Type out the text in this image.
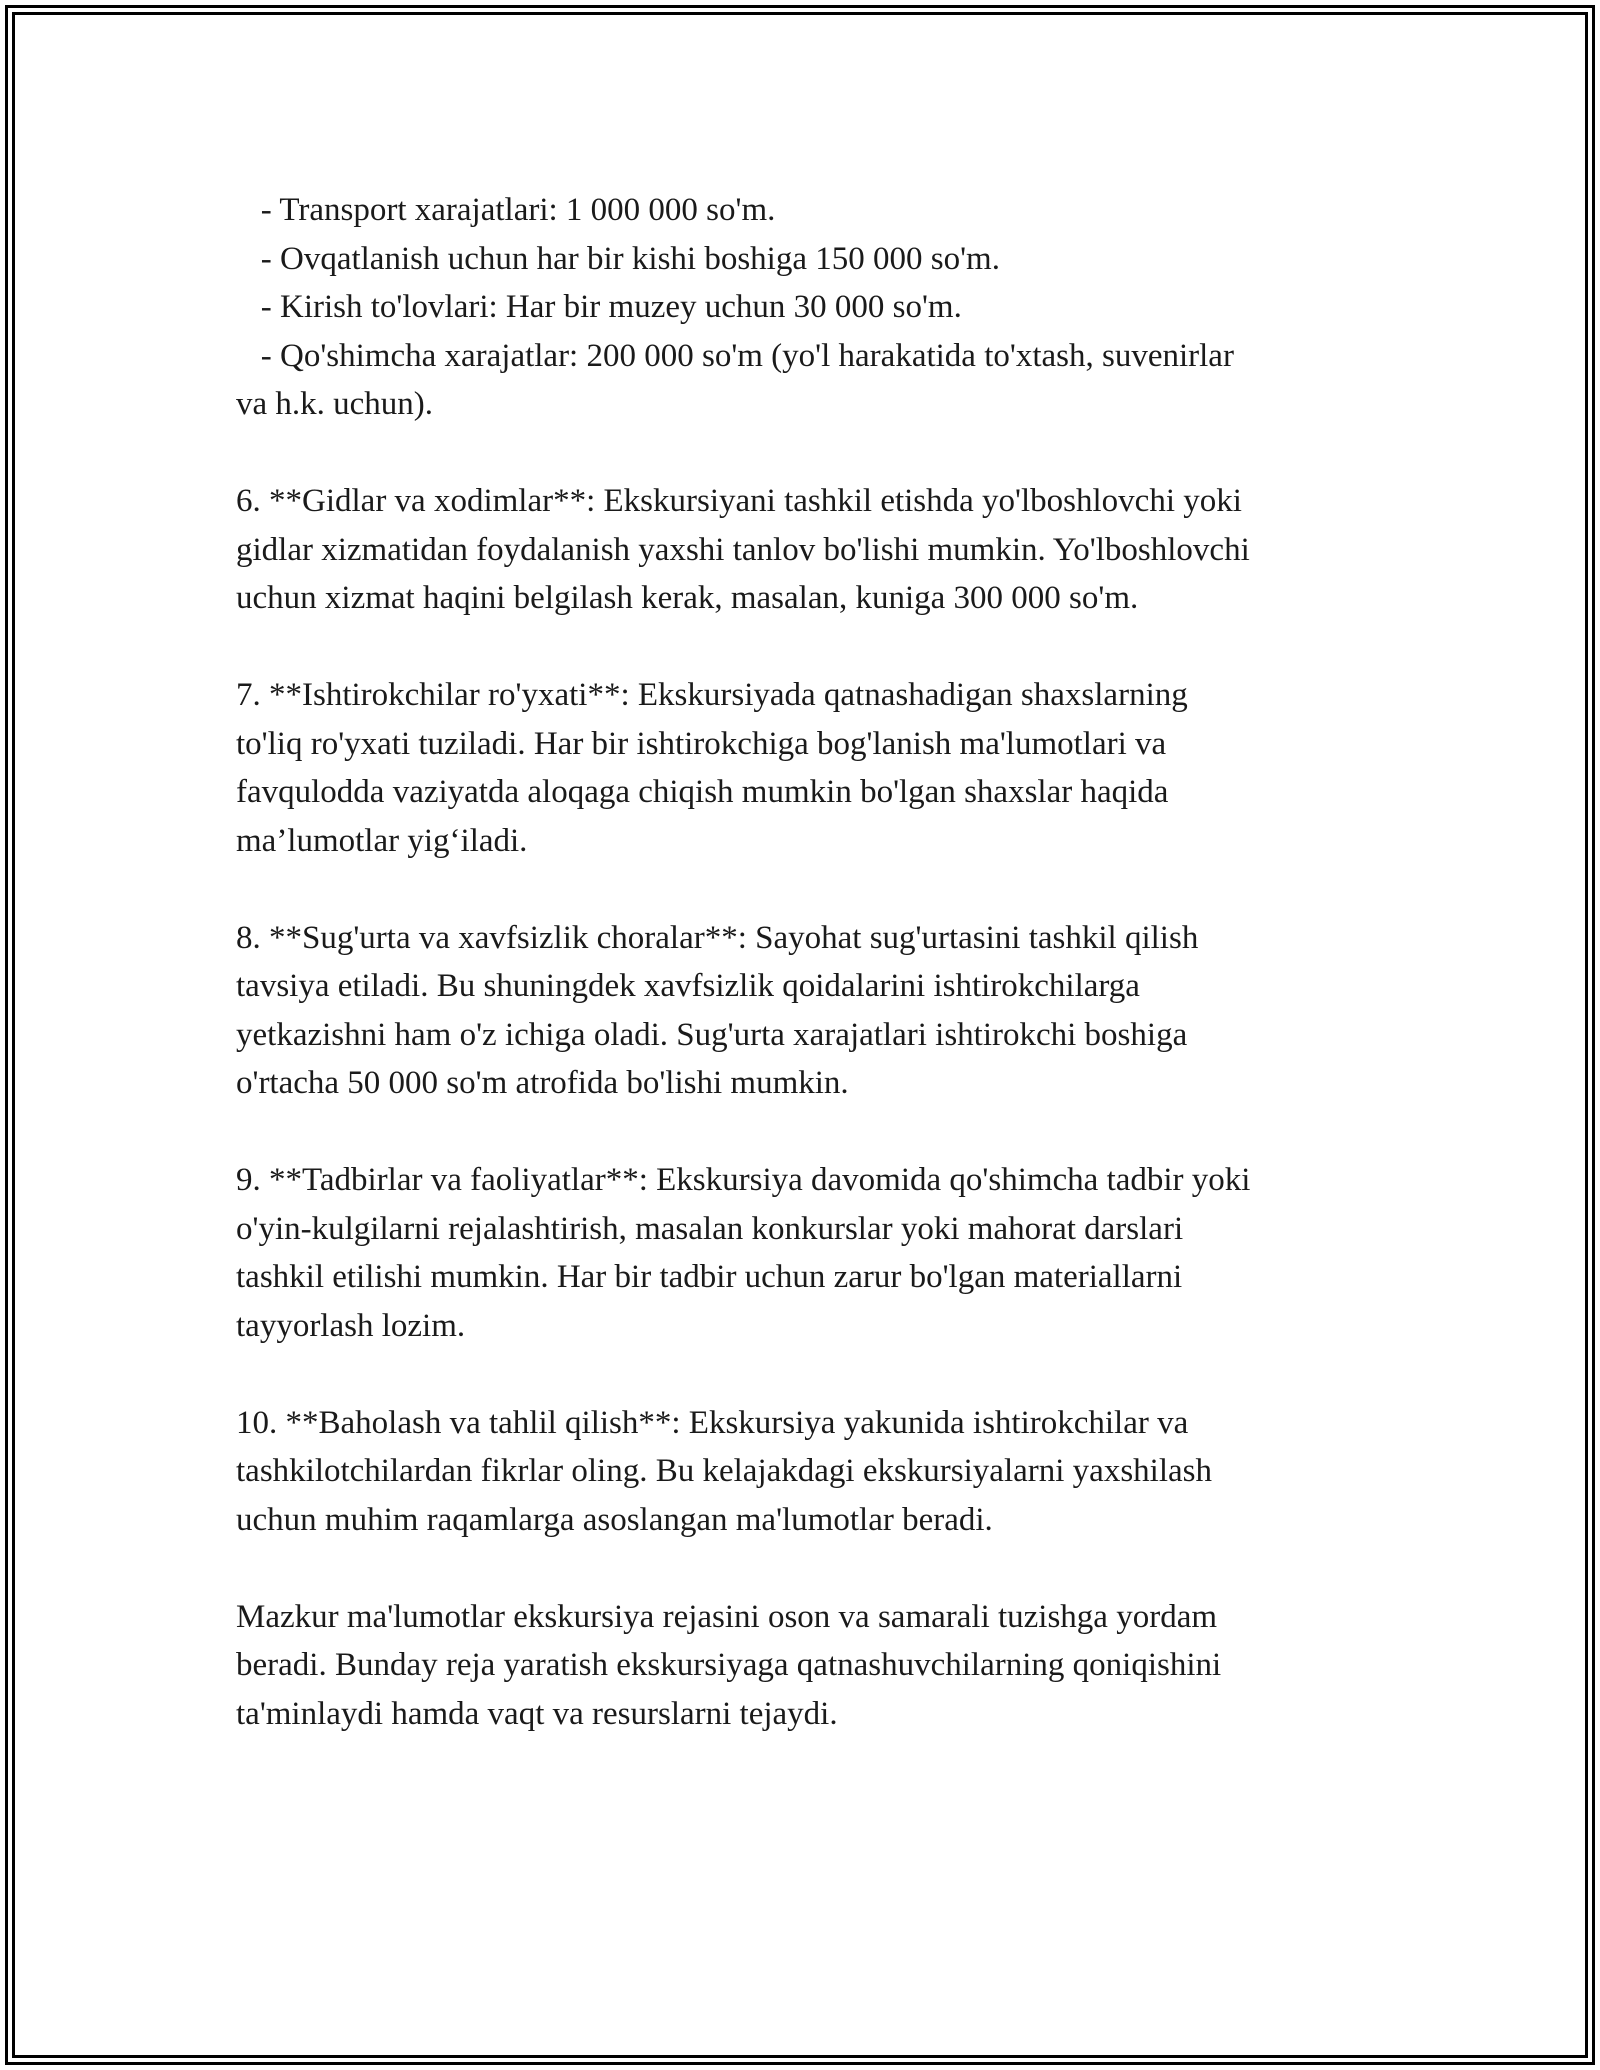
- Transport xarajatlari: 1 000 000 so'm.
- Ovqatlanish uchun har bir kishi boshiga 150 000 so'm.
- Kirish to'lovlari: Har bir muzey uchun 30 000 so'm.
- Qo'shimcha xarajatlar: 200 000 so'm (yo'l harakatida to'xtash, suvenirlar
va h.k. uchun).
6. **Gidlar va xodimlar**: Ekskursiyani tashkil etishda yo'lboshlovchi yoki
gidlar xizmatidan foydalanish yaxshi tanlov bo'lishi mumkin. Yo'lboshlovchi
uchun xizmat haqini belgilash kerak, masalan, kuniga 300 000 so'm.
7. **Ishtirokchilar ro'yxati**: Ekskursiyada qatnashadigan shaxslarning
to'liq ro'yxati tuziladi. Har bir ishtirokchiga bog'lanish ma'lumotlari va
favqulodda vaziyatda aloqaga chiqish mumkin bo'lgan shaxslar haqida
ma’lumotlar yig‘iladi.
8. **Sug'urta va xavfsizlik choralar**: Sayohat sug'urtasini tashkil qilish
tavsiya etiladi. Bu shuningdek xavfsizlik qoidalarini ishtirokchilarga
yetkazishni ham o'z ichiga oladi. Sug'urta xarajatlari ishtirokchi boshiga
o'rtacha 50 000 so'm atrofida bo'lishi mumkin.
9. **Tadbirlar va faoliyatlar**: Ekskursiya davomida qo'shimcha tadbir yoki
o'yin-kulgilarni rejalashtirish, masalan konkurslar yoki mahorat darslari
tashkil etilishi mumkin. Har bir tadbir uchun zarur bo'lgan materiallarni
tayyorlash lozim.
10. **Baholash va tahlil qilish**: Ekskursiya yakunida ishtirokchilar va
tashkilotchilardan fikrlar oling. Bu kelajakdagi ekskursiyalarni yaxshilash
uchun muhim raqamlarga asoslangan ma'lumotlar beradi.
Mazkur ma'lumotlar ekskursiya rejasini oson va samarali tuzishga yordam
beradi. Bunday reja yaratish ekskursiyaga qatnashuvchilarning qoniqishini
ta'minlaydi hamda vaqt va resurslarni tejaydi.
